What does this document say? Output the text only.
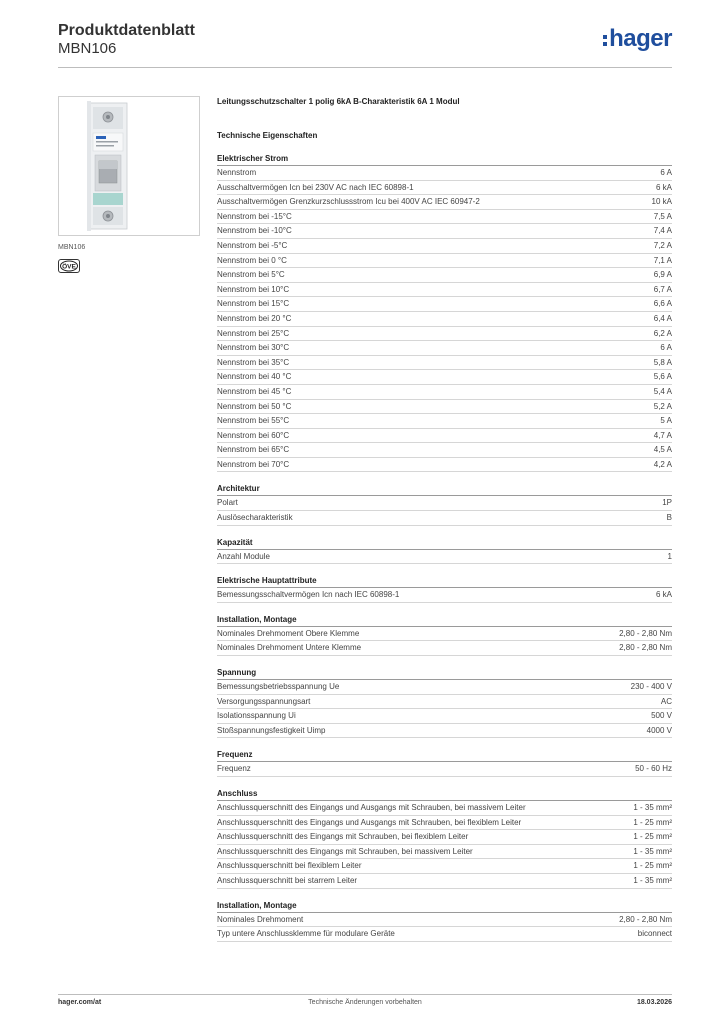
Produktdatenblatt
MBN106	hager
MBN106
ÖVE
Leitungsschutzschalter 1 polig 6kA B-Charakteristik 6A 1 Modul
Technische Eigenschaften
Elektrischer Strom
Nennstrom	6 A
Ausschaltvermögen Icn bei 230V AC nach IEC 60898-1	6 kA
Ausschaltvermögen Grenzkurzschlussstrom Icu bei 400V AC IEC 60947-2	10 kA
Nennstrom bei -15°C	7,5 A
Nennstrom bei -10°C	7,4 A
Nennstrom bei -5°C	7,2 A
Nennstrom bei 0 °C	7,1 A
Nennstrom bei 5°C	6,9 A
Nennstrom bei 10°C	6,7 A
Nennstrom bei 15°C	6,6 A
Nennstrom bei 20 °C	6,4 A
Nennstrom bei 25°C	6,2 A
Nennstrom bei 30°C	6 A
Nennstrom bei 35°C	5,8 A
Nennstrom bei 40 °C	5,6 A
Nennstrom bei 45 °C	5,4 A
Nennstrom bei 50 °C	5,2 A
Nennstrom bei 55°C	5 A
Nennstrom bei 60°C	4,7 A
Nennstrom bei 65°C	4,5 A
Nennstrom bei 70°C	4,2 A
Architektur
Polart	1P
Auslösecharakteristik	B
Kapazität
Anzahl Module	1
Elektrische Hauptattribute
Bemessungsschaltvermögen Icn nach IEC 60898-1	6 kA
Installation, Montage
Nominales Drehmoment Obere Klemme	2,80 - 2,80 Nm
Nominales Drehmoment Untere Klemme	2,80 - 2,80 Nm
Spannung
Bemessungsbetriebsspannung Ue	230 - 400 V
Versorgungsspannungsart	AC
Isolationsspannung Ui	500 V
Stoßspannungsfestigkeit Uimp	4000 V
Frequenz
Frequenz	50 - 60 Hz
Anschluss
Anschlussquerschnitt des Eingangs und Ausgangs mit Schrauben, bei massivem Leiter	1 - 35 mm²
Anschlussquerschnitt des Eingangs und Ausgangs mit Schrauben, bei flexiblem Leiter	1 - 25 mm²
Anschlussquerschnitt des Eingangs mit Schrauben, bei flexiblem Leiter	1 - 25 mm²
Anschlussquerschnitt des Eingangs mit Schrauben, bei massivem Leiter	1 - 35 mm²
Anschlussquerschnitt bei flexiblem Leiter	1 - 25 mm²
Anschlussquerschnitt bei starrem Leiter	1 - 35 mm²
Installation, Montage
Nominales Drehmoment	2,80 - 2,80 Nm
Typ untere Anschlussklemme für modulare Geräte	biconnect
hager.com/at	Technische Änderungen vorbehalten	18.03.2026
